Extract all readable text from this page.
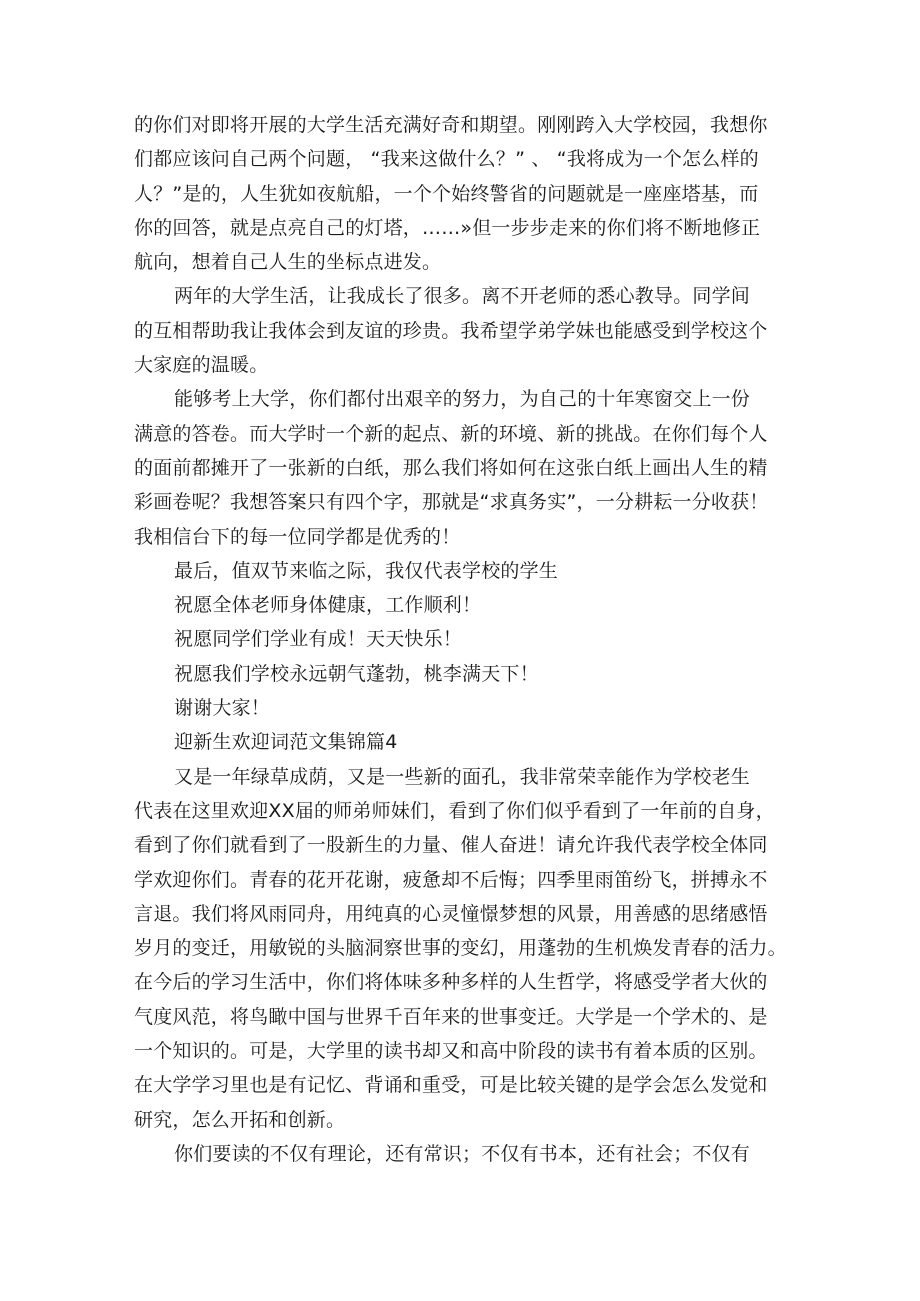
的你们对即将开展的大学生活充满好奇和期望。刚刚跨入大学校园，我想你
们都应该问自己两个问题， “我来这做什么？” 、 “我将成为一个怎么样的
人？”是的，人生犹如夜航船，一个个始终警省的问题就是一座座塔基，而
你的回答，就是点亮自己的灯塔，……»但一步步走来的你们将不断地修正
航向，想着自己人生的坐标点进发。
两年的大学生活，让我成长了很多。离不开老师的悉心教导。同学间
的互相帮助我让我体会到友谊的珍贵。我希望学弟学妹也能感受到学校这个
大家庭的温暖。
能够考上大学，你们都付出艰辛的努力，为自己的十年寒窗交上一份
满意的答卷。而大学时一个新的起点、新的环境、新的挑战。在你们每个人
的面前都摊开了一张新的白纸，那么我们将如何在这张白纸上画出人生的精
彩画卷呢？我想答案只有四个字，那就是“求真务实”，一分耕耘一分收获！
我相信台下的每一位同学都是优秀的！
最后，值双节来临之际，我仅代表学校的学生
祝愿全体老师身体健康，工作顺利！
祝愿同学们学业有成！天天快乐！
祝愿我们学校永远朝气蓬勃，桃李满天下！
谢谢大家！
迎新生欢迎词范文集锦篇4
又是一年绿草成荫，又是一些新的面孔，我非常荣幸能作为学校老生
代表在这里欢迎XX届的师弟师妹们，看到了你们似乎看到了一年前的自身，
看到了你们就看到了一股新生的力量、催人奋进！请允许我代表学校全体同
学欢迎你们。青春的花开花谢，疲惫却不后悔；四季里雨笛纷飞，拼搏永不
言退。我们将风雨同舟，用纯真的心灵憧憬梦想的风景，用善感的思绪感悟
岁月的变迁，用敏锐的头脑洞察世事的变幻，用蓬勃的生机焕发青春的活力。
在今后的学习生活中，你们将体味多种多样的人生哲学，将感受学者大伙的
气度风范，将鸟瞰中国与世界千百年来的世事变迁。大学是一个学术的、是
一个知识的。可是，大学里的读书却又和高中阶段的读书有着本质的区别。
在大学学习里也是有记忆、背诵和重受，可是比较关键的是学会怎么发觉和
研究，怎么开拓和创新。
你们要读的不仅有理论，还有常识；不仅有书本，还有社会；不仅有
